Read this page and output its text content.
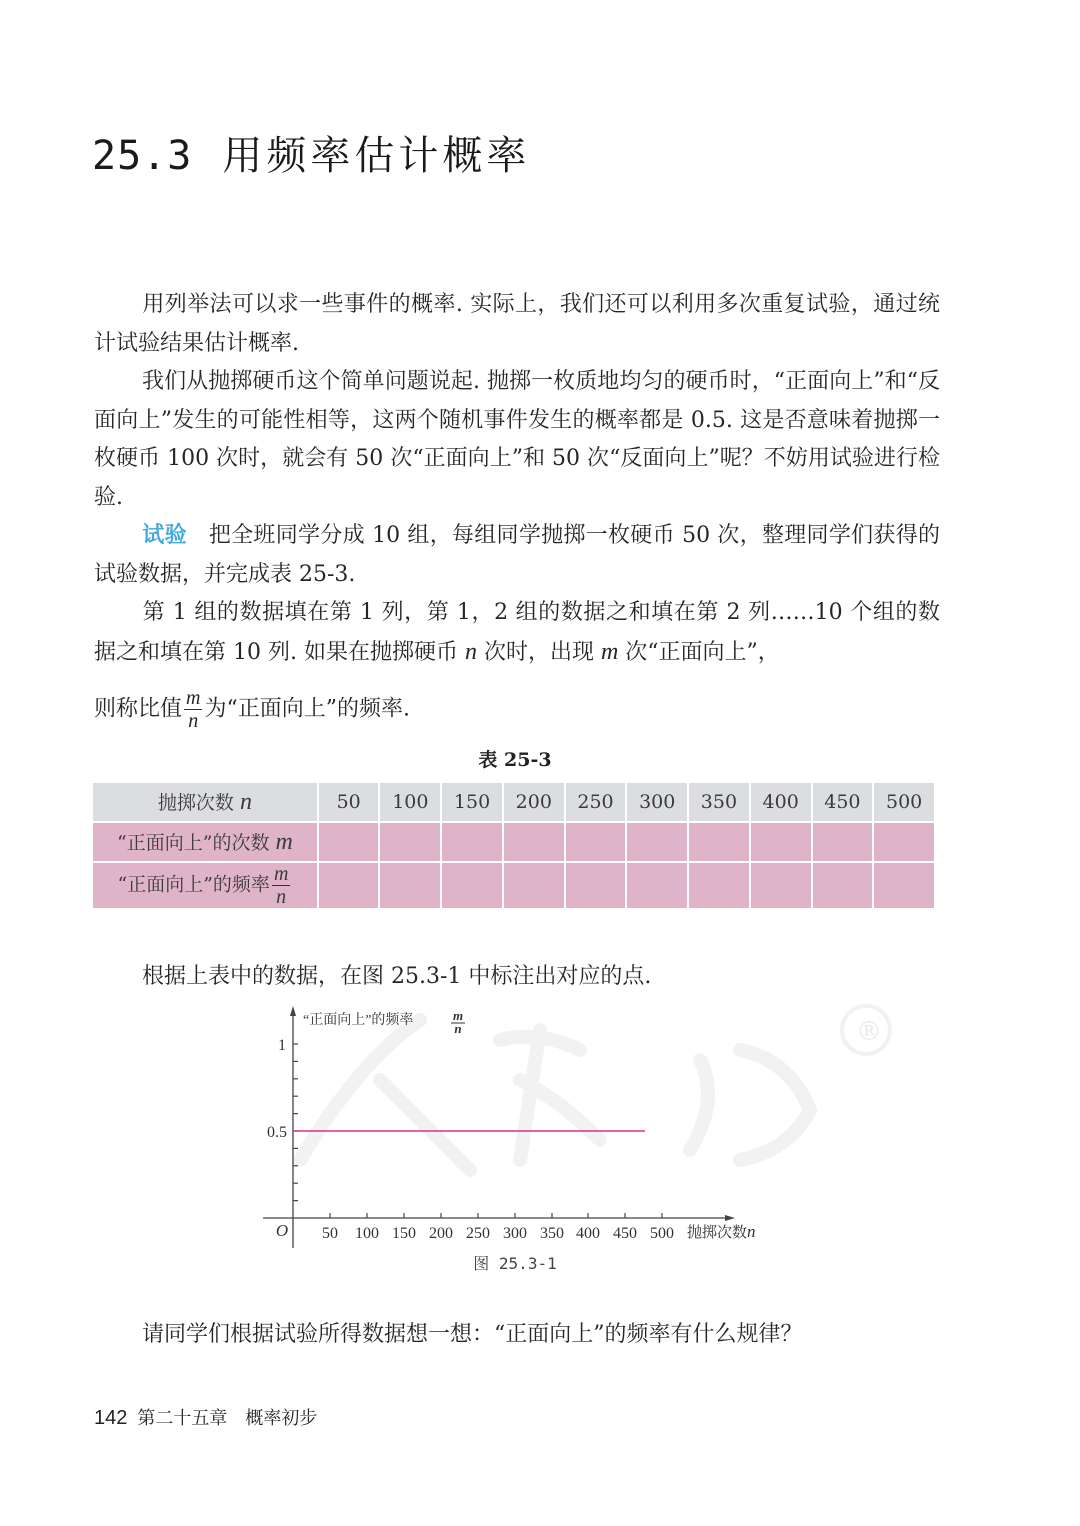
25.3 用频率估计概率
用列举法可以求一些事件的概率. 实际上，我们还可以利用多次重复试验，通过统计试验结果估计概率.
我们从抛掷硬币这个简单问题说起. 抛掷一枚质地均匀的硬币时，“正面向上”和“反面向上”发生的可能性相等，这两个随机事件发生的概率都是 0.5. 这是否意味着抛掷一枚硬币 100 次时，就会有 50 次“正面向上”和 50 次“反面向上”呢？不妨用试验进行检验.
试验 把全班同学分成 10 组，每组同学抛掷一枚硬币 50 次，整理同学们获得的试验数据，并完成表 25-3.
第 1 组的数据填在第 1 列，第 1，2 组的数据之和填在第 2 列……10 个组的数据之和填在第 10 列. 如果在抛掷硬币 n 次时，出现 m 次“正面向上”，
则称比值 $\frac{m}{n}$ 为“正面向上”的频率.
表 25-3
抛掷次数 n	50	100	150	200	250	300	350	400	450	500
“正面向上”的次数 m										
“正面向上”的频率 $\frac{m}{n}$

根据上表中的数据，在图 25.3-1 中标注出对应的点.
®
1
0.5
O 50 100 150 200 250 300 350 400 450 500 抛掷次数n
“正面向上”的频率	m
n
图 25.3-1
请同学们根据试验所得数据想一想：“正面向上”的频率有什么规律？
142 第二十五章 概率初步
